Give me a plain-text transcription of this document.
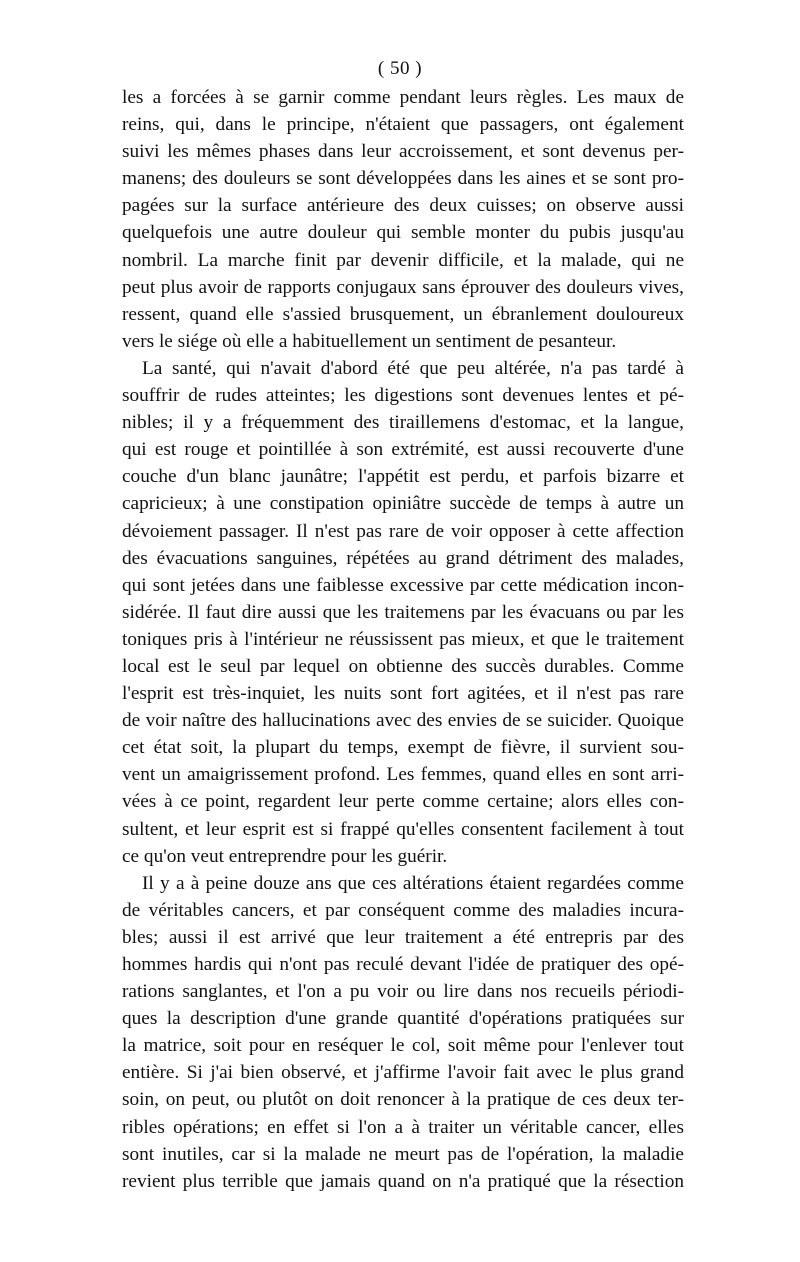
( 50 )
les a forcées à se garnir comme pendant leurs règles. Les maux de
reins, qui, dans le principe, n'étaient que passagers, ont également
suivi les mêmes phases dans leur accroissement, et sont devenus per-
manens; des douleurs se sont développées dans les aines et se sont pro-
pagées sur la surface antérieure des deux cuisses; on observe aussi
quelquefois une autre douleur qui semble monter du pubis jusqu'au
nombril. La marche finit par devenir difficile, et la malade, qui ne
peut plus avoir de rapports conjugaux sans éprouver des douleurs vives,
ressent, quand elle s'assied brusquement, un ébranlement douloureux
vers le siége où elle a habituellement un sentiment de pesanteur.
La santé, qui n'avait d'abord été que peu altérée, n'a pas tardé à
souffrir de rudes atteintes; les digestions sont devenues lentes et pé-
nibles; il y a fréquemment des tiraillemens d'estomac, et la langue,
qui est rouge et pointillée à son extrémité, est aussi recouverte d'une
couche d'un blanc jaunâtre; l'appétit est perdu, et parfois bizarre et
capricieux; à une constipation opiniâtre succède de temps à autre un
dévoiement passager. Il n'est pas rare de voir opposer à cette affection
des évacuations sanguines, répétées au grand détriment des malades,
qui sont jetées dans une faiblesse excessive par cette médication incon-
sidérée. Il faut dire aussi que les traitemens par les évacuans ou par les
toniques pris à l'intérieur ne réussissent pas mieux, et que le traitement
local est le seul par lequel on obtienne des succès durables. Comme
l'esprit est très-inquiet, les nuits sont fort agitées, et il n'est pas rare
de voir naître des hallucinations avec des envies de se suicider. Quoique
cet état soit, la plupart du temps, exempt de fièvre, il survient sou-
vent un amaigrissement profond. Les femmes, quand elles en sont arri-
vées à ce point, regardent leur perte comme certaine; alors elles con-
sultent, et leur esprit est si frappé qu'elles consentent facilement à tout
ce qu'on veut entreprendre pour les guérir.
Il y a à peine douze ans que ces altérations étaient regardées comme
de véritables cancers, et par conséquent comme des maladies incura-
bles; aussi il est arrivé que leur traitement a été entrepris par des
hommes hardis qui n'ont pas reculé devant l'idée de pratiquer des opé-
rations sanglantes, et l'on a pu voir ou lire dans nos recueils périodi-
ques la description d'une grande quantité d'opérations pratiquées sur
la matrice, soit pour en reséquer le col, soit même pour l'enlever tout
entière. Si j'ai bien observé, et j'affirme l'avoir fait avec le plus grand
soin, on peut, ou plutôt on doit renoncer à la pratique de ces deux ter-
ribles opérations; en effet si l'on a à traiter un véritable cancer, elles
sont inutiles, car si la malade ne meurt pas de l'opération, la maladie
revient plus terrible que jamais quand on n'a pratiqué que la résection
